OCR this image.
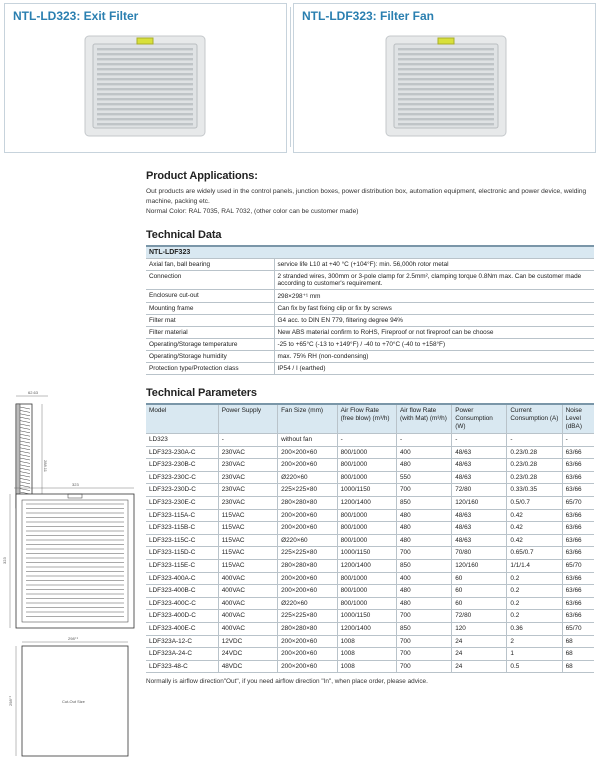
NTL-LD323: Exit Filter	NTL-LDF323: Filter Fan
Product Applications:
Out products are widely used in the control panels, junction boxes, power distribution box, automation equipment, electronic and power device, welding machine, packing etc.
Normal Color: RAL 7035, RAL 7032, (other color can be customer made)
Technical Data
NTL-LDF323	
Axial fan, ball bearing	service life L10 at +40 °C (+104°F): min. 56,000h rotor metal
Connection	2 stranded wires, 300mm or 3-pole clamp for 2.5mm², clamping torque 0.8Nm max. Can be customer made according to customer's requirement.
Enclosure cut-out	298×298⁺¹ mm
Mounting frame	Can fix by fast fixing clip or fix by screws
Filter mat	G4 acc. to DIN EN 779, filtering degree 94%
Filter material	New ABS material confirm to RoHS, Fireproof or not fireproof can be choose
Operating/Storage temperature	-25 to +65°C (-13 to +149°F) / -40 to +70°C (-40 to +158°F)
Operating/Storage humidity	max. 75% RH (non-condensing)
Protection type/Protection class	IP54 / I (earthed)
Technical Parameters
Model	Power Supply	Fan Size (mm)	Air Flow Rate (free blow) (m³/h)	Air flow Rate (with Mat) (m³/h)	Power Consumption (W)	Current Consumption (A)	Noise Level (dBA)
LD323	-	without fan	-	-	-	-	-
LDF323-230A-C	230VAC	200×200×60	800/1000	400	48/63	0.23/0.28	63/66
LDF323-230B-C	230VAC	200×200×60	800/1000	480	48/63	0.23/0.28	63/66
LDF323-230C-C	230VAC	Ø220×60	800/1000	550	48/63	0.23/0.28	63/66
LDF323-230D-C	230VAC	225×225×80	1000/1150	700	72/80	0.33/0.35	63/66
LDF323-230E-C	230VAC	280×280×80	1200/1400	850	120/160	0.5/0.7	65/70
LDF323-115A-C	115VAC	200×200×60	800/1000	480	48/63	0.42	63/66
LDF323-115B-C	115VAC	200×200×60	800/1000	480	48/63	0.42	63/66
LDF323-115C-C	115VAC	Ø220×60	800/1000	480	48/63	0.42	63/66
LDF323-115D-C	115VAC	225×225×80	1000/1150	700	70/80	0.65/0.7	63/66
LDF323-115E-C	115VAC	280×280×80	1200/1400	850	120/160	1/1/1.4	65/70
LDF323-400A-C	400VAC	200×200×60	800/1000	400	60	0.2	63/66
LDF323-400B-C	400VAC	200×200×60	800/1000	480	60	0.2	63/66
LDF323-400C-C	400VAC	Ø220×60	800/1000	480	60	0.2	63/66
LDF323-400D-C	400VAC	225×225×80	1000/1150	700	72/80	0.2	63/66
LDF323-400E-C	400VAC	280×280×80	1200/1400	850	120	0.36	65/70
LDF323A-12-C	12VDC	200×200×60	1008	700	24	2	68
LDF323A-24-C	24VDC	200×200×60	1008	700	24	1	68
LDF323-48-C	48VDC	200×200×60	1008	700	24	0.5	68
Normally is airflow direction"Out", if you need airflow direction "In", when place order, please advice.
62.63
288.11
323
323
298⁺¹
298⁺¹	Cut-Out Size
